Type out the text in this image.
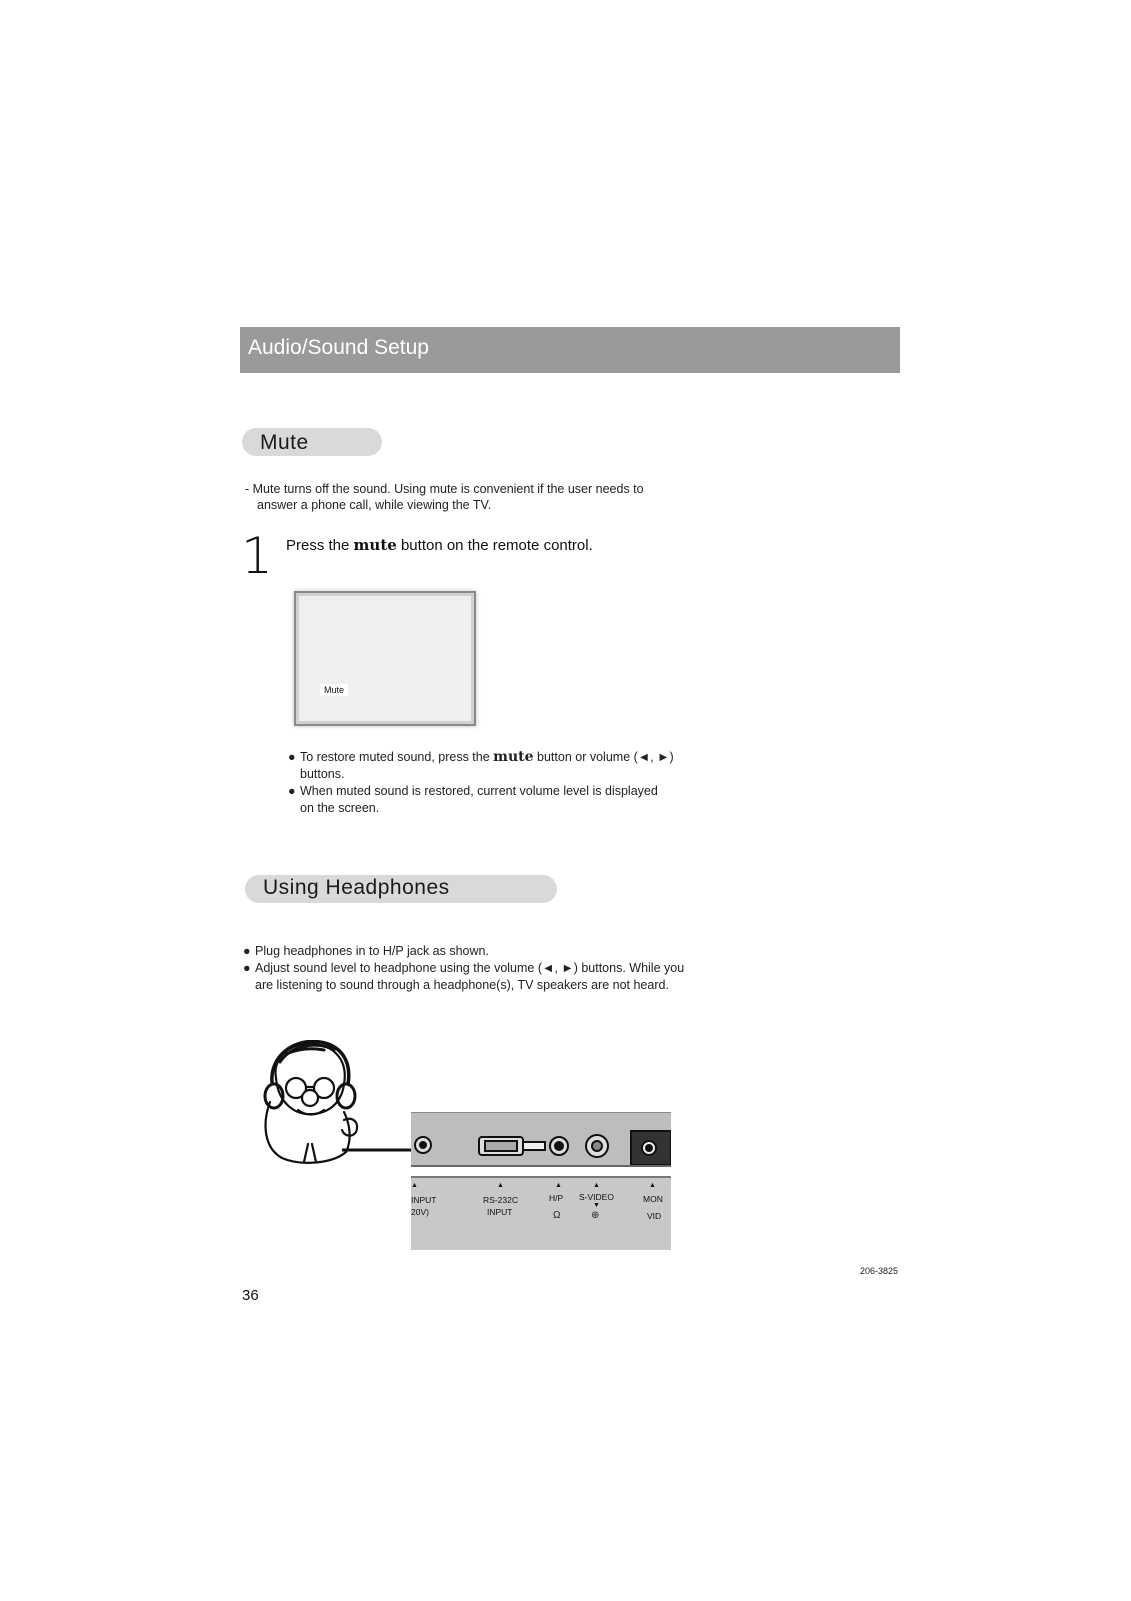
Audio/Sound Setup
Mute
- Mute turns off the sound. Using mute is convenient if the user needs to
answer a phone call, while viewing the TV.
1 Press the mute button on the remote control.
Mute
● To restore muted sound, press the mute button or volume (◄, ►)
buttons.
● When muted sound is restored, current volume level is displayed
on the screen.
Using Headphones
● Plug headphones in to H/P jack as shown.
● Adjust sound level to headphone using the volume (◄, ►) buttons. While you
are listening to sound through a headphone(s), TV speakers are not heard.
▲
INPUT
20V)
▲
RS-232C
INPUT
▲
H/P
Ω
▲
S-VIDEO
▼
⊕
▲
MON
VID
36
206-3825
